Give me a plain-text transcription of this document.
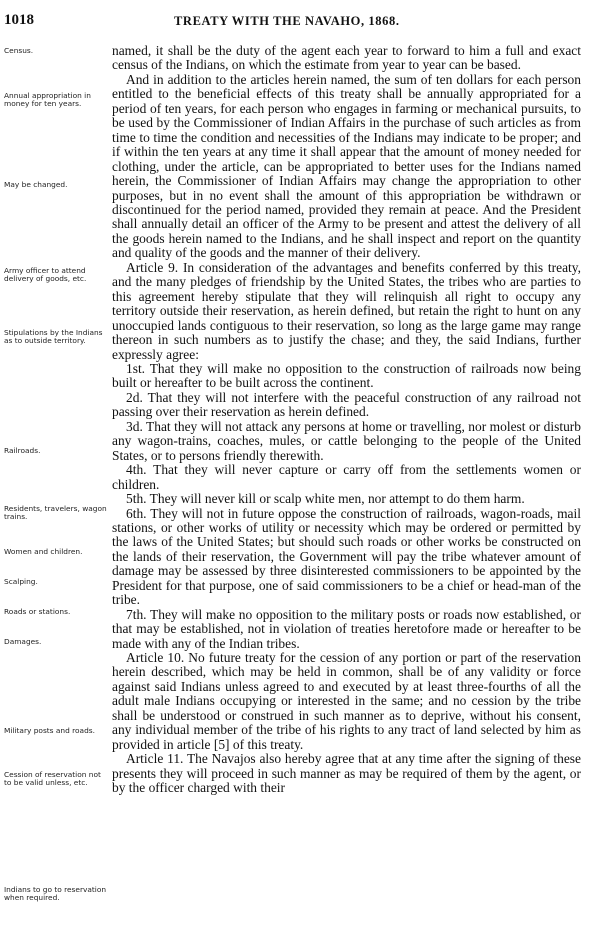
1018	TREATY WITH THE NAVAHO, 1868.
Census.
Annual appropriation in money for ten years.
May be changed.
Army officer to attend delivery of goods, etc.
Stipulations by the Indians as to outside territory.
Railroads.
Residents, travelers, wagon trains.
Women and children.
Scalping.
Roads or stations.
Damages.
Military posts and roads.
Cession of reservation not to be valid unless, etc.
Indians to go to reservation when required.

named, it shall be the duty of the agent each year to forward to him a full and exact census of the Indians, on which the estimate from year to year can be based.

And in addition to the articles herein named, the sum of ten dollars for each person entitled to the beneficial effects of this treaty shall be annually appropriated for a period of ten years, for each person who engages in farming or mechanical pursuits, to be used by the Commissioner of Indian Affairs in the purchase of such articles as from time to time the condition and necessities of the Indians may indicate to be proper; and if within the ten years at any time it shall appear that the amount of money needed for clothing, under the article, can be appropriated to better uses for the Indians named herein, the Commissioner of Indian Affairs may change the appropriation to other purposes, but in no event shall the amount of this appropriation be withdrawn or discontinued for the period named, provided they remain at peace. And the President shall annually detail an officer of the Army to be present and attest the delivery of all the goods herein named to the Indians, and he shall inspect and report on the quantity and quality of the goods and the manner of their delivery.

Article 9. In consideration of the advantages and benefits conferred by this treaty, and the many pledges of friendship by the United States, the tribes who are parties to this agreement hereby stipulate that they will relinquish all right to occupy any territory outside their reservation, as herein defined, but retain the right to hunt on any unoccupied lands contiguous to their reservation, so long as the large game may range thereon in such numbers as to justify the chase; and they, the said Indians, further expressly agree:

1st. That they will make no opposition to the construction of railroads now being built or hereafter to be built across the continent.

2d. That they will not interfere with the peaceful construction of any railroad not passing over their reservation as herein defined.

3d. That they will not attack any persons at home or travelling, nor molest or disturb any wagon-trains, coaches, mules, or cattle belonging to the people of the United States, or to persons friendly therewith.

4th. That they will never capture or carry off from the settlements women or children.

5th. They will never kill or scalp white men, nor attempt to do them harm.

6th. They will not in future oppose the construction of railroads, wagon-roads, mail stations, or other works of utility or necessity which may be ordered or permitted by the laws of the United States; but should such roads or other works be constructed on the lands of their reservation, the Government will pay the tribe whatever amount of damage may be assessed by three disinterested commissioners to be appointed by the President for that purpose, one of said commissioners to be a chief or head-man of the tribe.

7th. They will make no opposition to the military posts or roads now established, or that may be established, not in violation of treaties heretofore made or hereafter to be made with any of the Indian tribes.

Article 10. No future treaty for the cession of any portion or part of the reservation herein described, which may be held in common, shall be of any validity or force against said Indians unless agreed to and executed by at least three-fourths of all the adult male Indians occupying or interested in the same; and no cession by the tribe shall be understood or construed in such manner as to deprive, without his consent, any individual member of the tribe of his rights to any tract of land selected by him as provided in article [5] of this treaty.

Article 11. The Navajos also hereby agree that at any time after the signing of these presents they will proceed in such manner as may be required of them by the agent, or by the officer charged with their
